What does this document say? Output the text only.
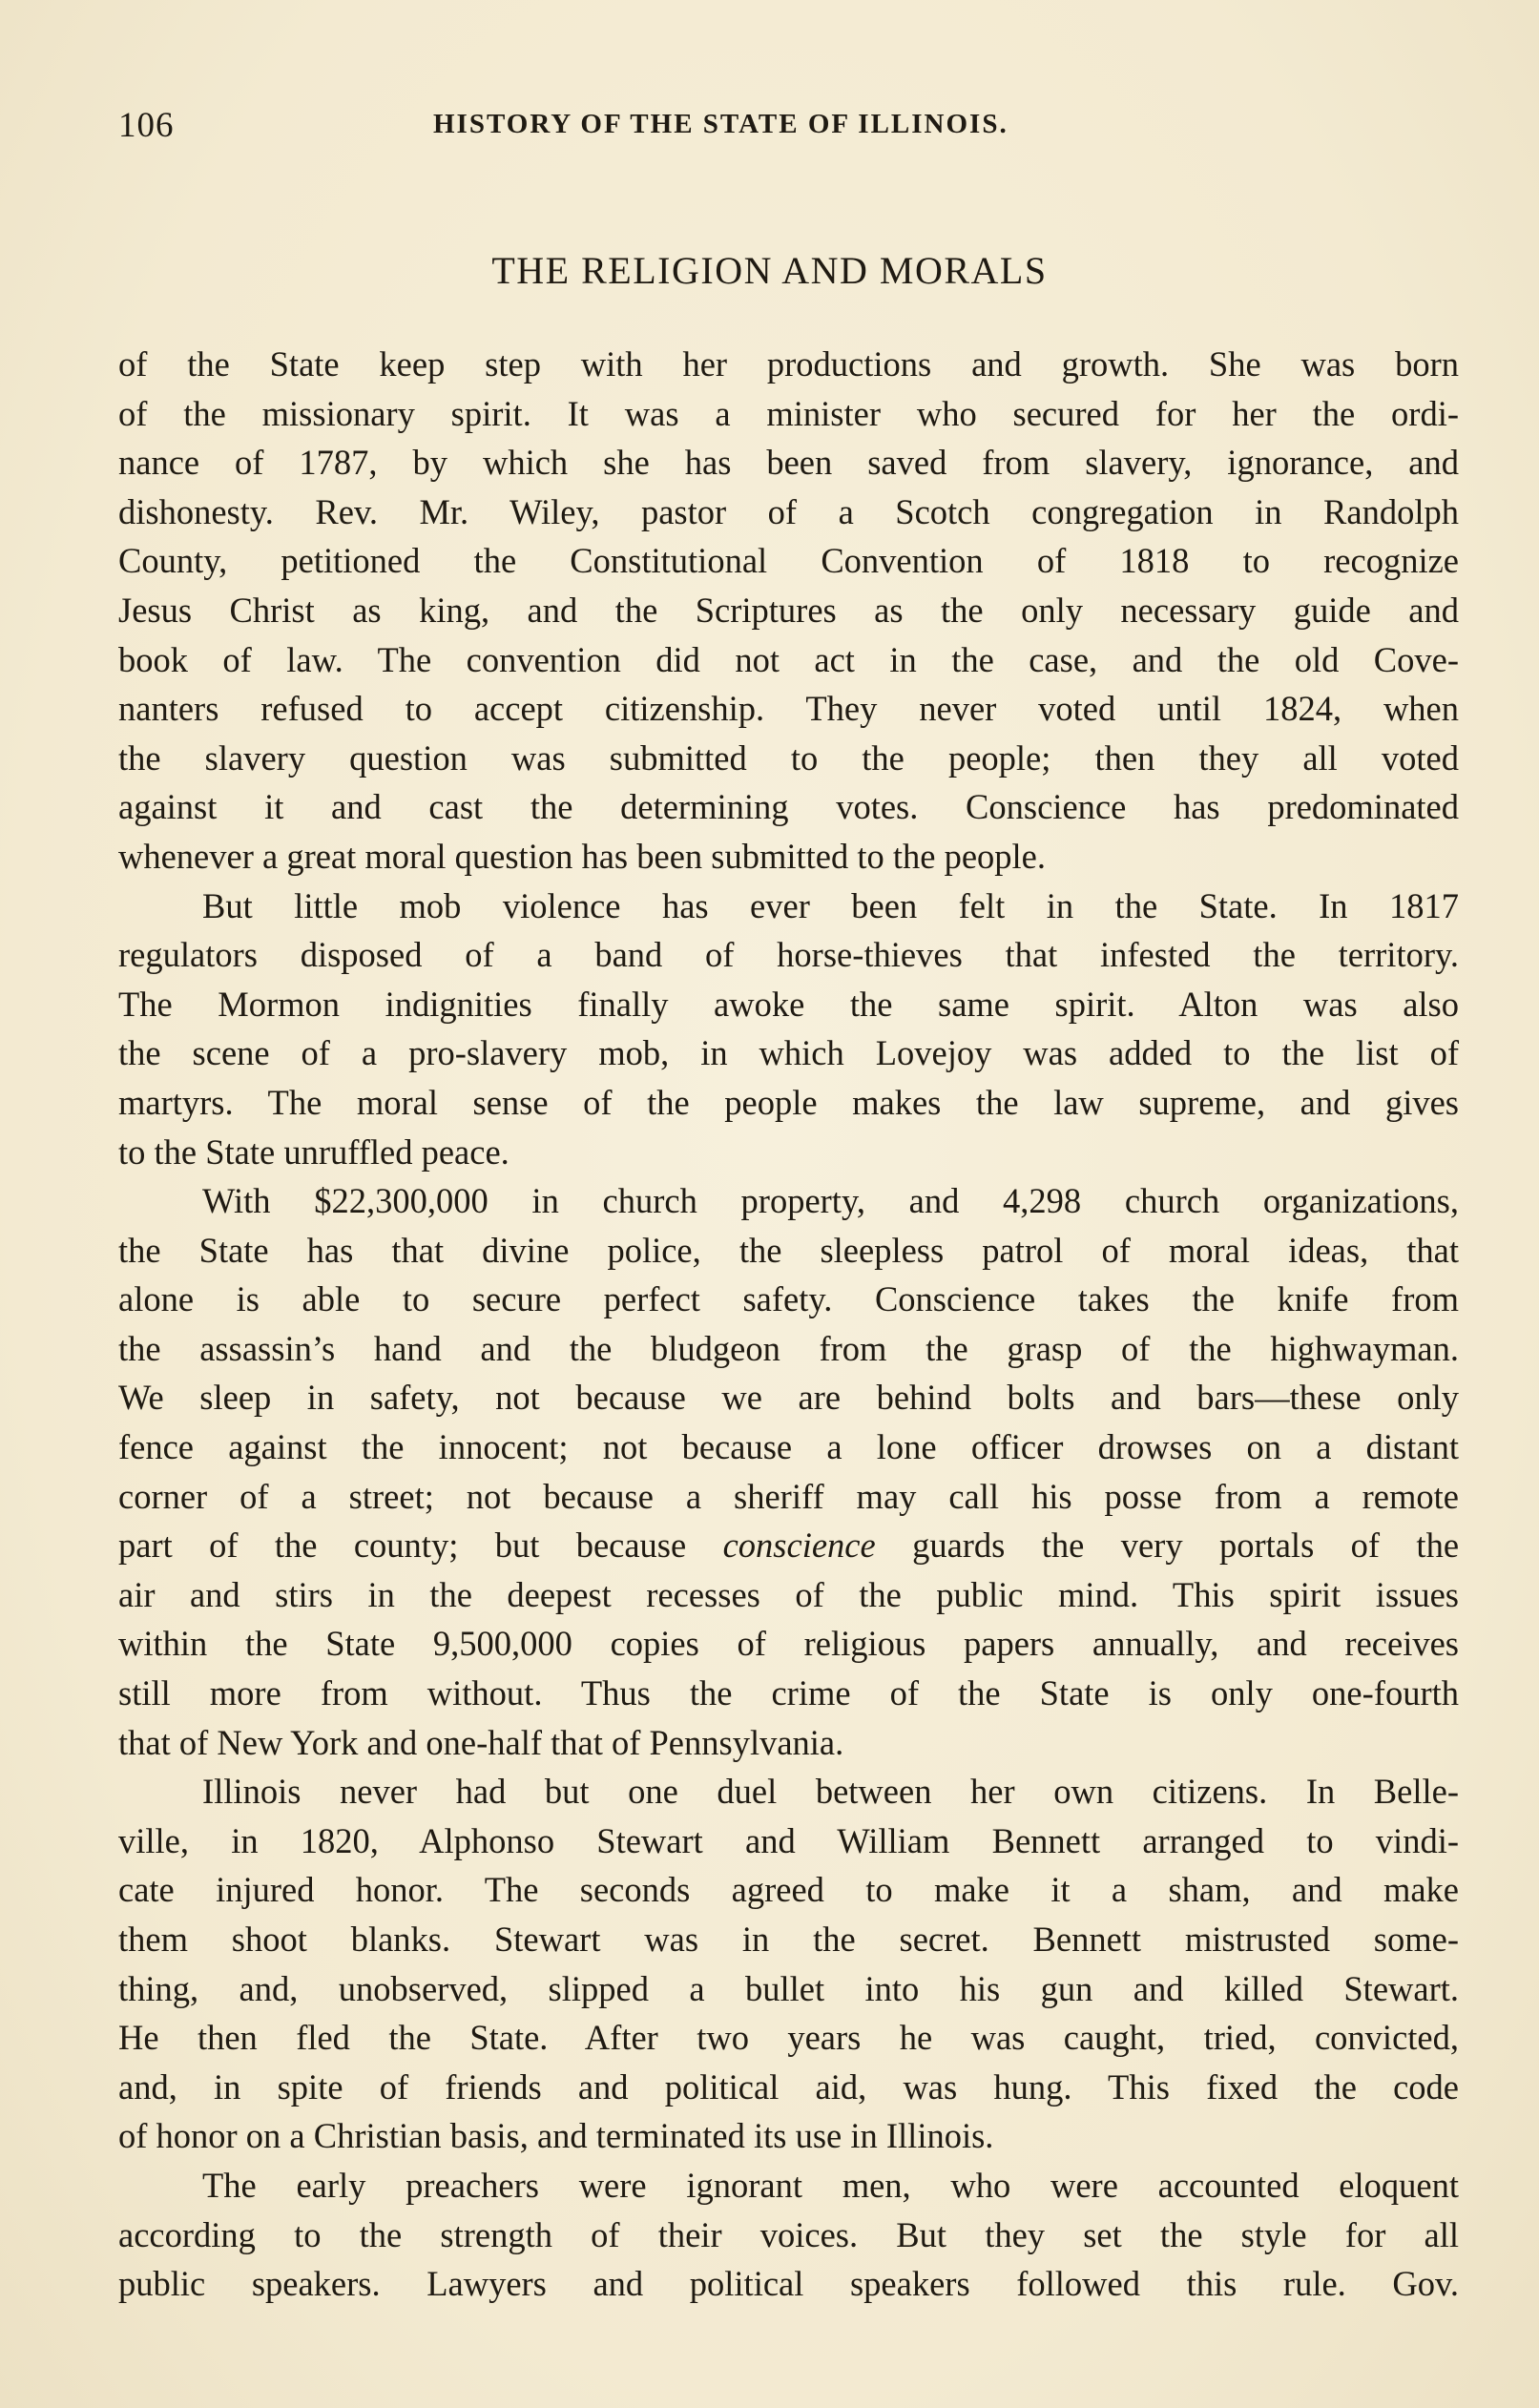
106	HISTORY OF THE STATE OF ILLINOIS.
THE RELIGION AND MORALS
of the State keep step with her productions and growth. She was born
of the missionary spirit. It was a minister who secured for her the ordi-
nance of 1787, by which she has been saved from slavery, ignorance, and
dishonesty. Rev. Mr. Wiley, pastor of a Scotch congregation in Randolph
County, petitioned the Constitutional Convention of 1818 to recognize
Jesus Christ as king, and the Scriptures as the only necessary guide and
book of law. The convention did not act in the case, and the old Cove-
nanters refused to accept citizenship. They never voted until 1824, when
the slavery question was submitted to the people; then they all voted
against it and cast the determining votes. Conscience has predominated
whenever a great moral question has been submitted to the people.
But little mob violence has ever been felt in the State. In 1817
regulators disposed of a band of horse-thieves that infested the territory.
The Mormon indignities finally awoke the same spirit. Alton was also
the scene of a pro-slavery mob, in which Lovejoy was added to the list of
martyrs. The moral sense of the people makes the law supreme, and gives
to the State unruffled peace.
With $22,300,000 in church property, and 4,298 church organizations,
the State has that divine police, the sleepless patrol of moral ideas, that
alone is able to secure perfect safety. Conscience takes the knife from
the assassin’s hand and the bludgeon from the grasp of the highwayman.
We sleep in safety, not because we are behind bolts and bars—these only
fence against the innocent; not because a lone officer drowses on a distant
corner of a street; not because a sheriff may call his posse from a remote
part of the county; but because conscience guards the very portals of the
air and stirs in the deepest recesses of the public mind. This spirit issues
within the State 9,500,000 copies of religious papers annually, and receives
still more from without. Thus the crime of the State is only one-fourth
that of New York and one-half that of Pennsylvania.
Illinois never had but one duel between her own citizens. In Belle-
ville, in 1820, Alphonso Stewart and William Bennett arranged to vindi-
cate injured honor. The seconds agreed to make it a sham, and make
them shoot blanks. Stewart was in the secret. Bennett mistrusted some-
thing, and, unobserved, slipped a bullet into his gun and killed Stewart.
He then fled the State. After two years he was caught, tried, convicted,
and, in spite of friends and political aid, was hung. This fixed the code
of honor on a Christian basis, and terminated its use in Illinois.
The early preachers were ignorant men, who were accounted eloquent
according to the strength of their voices. But they set the style for all
public speakers. Lawyers and political speakers followed this rule. Gov.
